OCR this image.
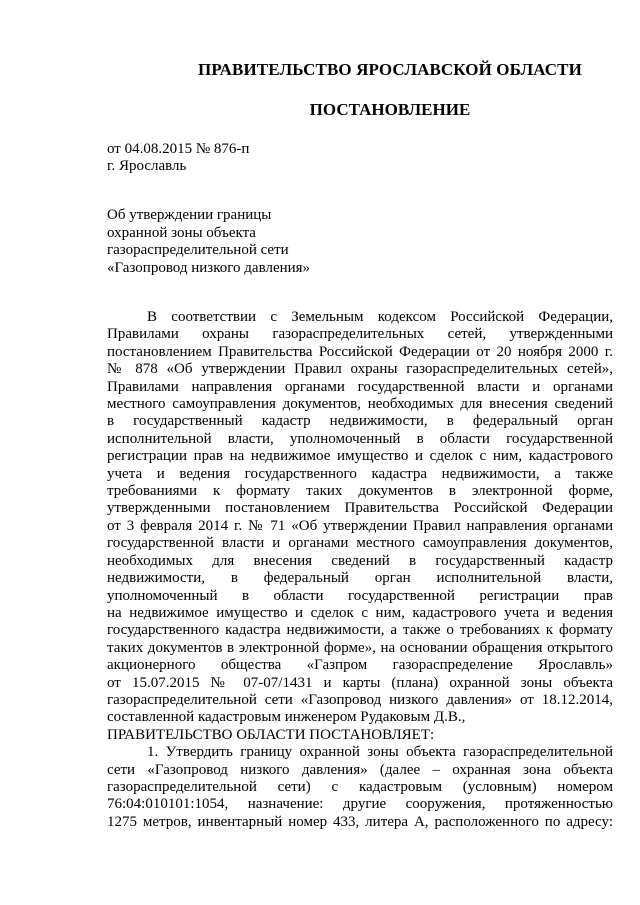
ПРАВИТЕЛЬСТВО ЯРОСЛАВСКОЙ ОБЛАСТИ
ПОСТАНОВЛЕНИЕ
от 04.08.2015 № 876-п
г. Ярославль
Об утверждении границы
охранной зоны объекта
газораспределительной сети
«Газопровод низкого давления»
В соответствии с Земельным кодексом Российской Федерации,
Правилами охраны газораспределительных сетей, утвержденными
постановлением Правительства Российской Федерации от 20 ноября 2000 г.
№ 878 «Об утверждении Правил охраны газораспределительных сетей»,
Правилами направления органами государственной власти и органами
местного самоуправления документов, необходимых для внесения сведений
в государственный кадастр недвижимости, в федеральный орган
исполнительной власти, уполномоченный в области государственной
регистрации прав на недвижимое имущество и сделок с ним, кадастрового
учета и ведения государственного кадастра недвижимости, а также
требованиями к формату таких документов в электронной форме,
утвержденными постановлением Правительства Российской Федерации
от 3 февраля 2014 г. № 71 «Об утверждении Правил направления органами
государственной власти и органами местного самоуправления документов,
необходимых для внесения сведений в государственный кадастр
недвижимости, в федеральный орган исполнительной власти,
уполномоченный в области государственной регистрации прав
на недвижимое имущество и сделок с ним, кадастрового учета и ведения
государственного кадастра недвижимости, а также о требованиях к формату
таких документов в электронной форме», на основании обращения открытого
акционерного общества «Газпром газораспределение Ярославль»
от 15.07.2015 № 07-07/1431 и карты (плана) охранной зоны объекта
газораспределительной сети «Газопровод низкого давления» от 18.12.2014,
составленной кадастровым инженером Рудаковым Д.В.,
ПРАВИТЕЛЬСТВО ОБЛАСТИ ПОСТАНОВЛЯЕТ:
1. Утвердить границу охранной зоны объекта газораспределительной
сети «Газопровод низкого давления» (далее – охранная зона объекта
газораспределительной сети) с кадастровым (условным) номером
76:04:010101:1054, назначение: другие сооружения, протяженностью
1275 метров, инвентарный номер 433, литера А, расположенного по адресу:
